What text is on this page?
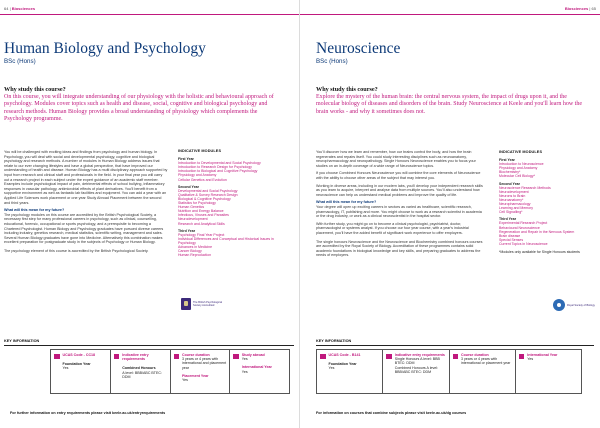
64 | Biosciences
Human Biology and Psychology
BSc (Hons)
Why study this course?
On this course, you will integrate understanding of our physiology with the holistic and behavioural approach of psychology. Modules cover topics such as health and disease, social, cognitive and biological psychology and research methods. Human Biology provides a broad understanding of physiology which complements the Psychology programme.

You will be challenged with exciting ideas and findings from psychology and human biology. In Psychology, you will deal with social and developmental psychology, cognitive and biological psychology and research methods. A number of modules in Human Biology address issues that relate to our ever changing lifestyles and have a global perspective, that have improved our understanding of health and disease. Human Biology has a multi disciplinary approach supported by input from research and clinical staff and professionals in the field. In your final year you will carry out a research project in each subject under the expert guidance of an academic staff member. Examples include psychological impact of pain, detrimental effects of school bullying, inflammatory responses in vascular pathology, antimicrobial effects of plant derivatives. You'll benefit from a supportive environment as well as fantastic lab facilities and equipment. You can add a year with an Applied Life Sciences work placement or one year Study Abroad Placement between the second and third years.

What will this mean for my future?

The psychology modules on this course are accredited by the British Psychological Society, a necessary first step for many professional careers in psychology, such as clinical, counselling, educational, forensic, occupational or sports psychology, and a prerequisite to becoming a Chartered Psychologist. Human Biology and Psychology graduates have pursued diverse careers including industry, genetics research, medical statistics, scientific writing, management and sales. Several Human Biology graduates have gone into Medicine. Alternatively this combination makes excellent preparation for postgraduate study in the subjects of Psychology or Human Biology.

The psychology element of this course is accredited by the British Psychological Society.

INDICATIVE MODULES
First Year
Introduction to Developmental and Social Psychology
Introduction to Research Design for Psychology
Introduction to Biological and Cognitive Psychology
Physiology and Anatomy
Cellular Genetics and Evolution
Second Year
Developmental and Social Psychology
Qualitative & Survey Research Design
Biological & Cognitive Psychology
Statistics for Psychology
Human Genetics
Nutrition and Energy Balance
Infectious, Viruses and Parasites
Neurodevelopment
Research and Analytical Skills
Third Year
Psychology Final Year Project
Individual Differences and Conceptual and Historical Issues in Psychology
Advances in Medicine
Cancer Biology
Human Reproduction
The British Psychological Society Accredited
KEY INFORMATION
UCAS Code - CC18
Foundation Year
Yes
Indicative entry requirements
Combined Honours
A level: BBB/ABC BTEC: DDM
Course duration
3 years or 4 years with international and placement year
Placement Year
Yes
Study abroad
Yes
International Year
Yes
For further information on entry requirements please visit keele.ac.uk/entryrequirements
Biosciences | 65
Neuroscience
BSc (Hons)
Why study this course?
Explore the mystery of the human brain: the central nervous system, the impact of drugs upon it, and the molecular biology of diseases and disorders of the brain. Study Neuroscience at Keele and you'll learn how the brain works - and why it sometimes does not.

You'll discover how we learn and remember, how our brains control the body, and how the brain regenerates and repairs itself. You could study interesting disciplines such as neuroanatomy, neuropharmacology and neuropathology. Single Honours Neuroscience enables you to focus your studies on an in-depth coverage of a wide range of Neuroscience topics.

If you choose Combined Honours Neuroscience you will combine the core elements of Neuroscience with the ability to choose other areas of the subject that may interest you.

Working in diverse areas, including in our modern labs, you'll develop your independent research skills as you learn to acquire, interpret and analyse data from multiple sources. You'll also understand how neuroscience can help us understand medical problems and improve the quality of life.

What will this mean for my future?

Your degree will open up exciting careers in sectors as varied as healthcare, scientific research, pharmacology, IT, publishing and more. You might choose to work as a research scientist in academia or the drug industry, or work as a clinical neuroscientist in the hospital sector.

With further study, you might go on to become a clinical psychologist, psychiatrist, doctor, pharmacologist or systems analyst. If you choose our four year course, with a year's industrial placement, you'll have the added benefit of significant work experience to offer employers.

The single honours Neuroscience and the Neuroscience and Biochemistry combined honours courses are accredited by the Royal Society of Biology. Accreditation of these programmes contains solid academic foundations in biological knowledge and key skills, and preparing graduates to address the needs of employers.

INDICATIVE MODULES
First Year
Introduction to Neuroscience
Physiology and Anatomy
Biochemistry*
Molecular Cell Biology*
Second Year
Neuroscience Research Methods
Neurodevelopment
Neurons to Brain
Neuroanatomy*
Neuropharmacology
Learning and Memory
Cell Signalling*
Third Year
Experimental Research Project
Behavioural Neuroscience
Regeneration and Repair in the Nervous System
Brain disease
Special Senses
Current Topics in Neuroscience
*Modules only available for Single Honours students
Royal Society of Biology
KEY INFORMATION
UCAS Code - B141
Foundation Year
Yes
Indicative entry requirements
Single Honours A level: BBB BTEC: DDM
Combined Honours A level: BBB/ABC BTEC: DDM
Course duration
3 years or 4 years with international or placement year
International Year
Yes
For information on courses that combine subjects please visit keele.ac.uk/dg courses
